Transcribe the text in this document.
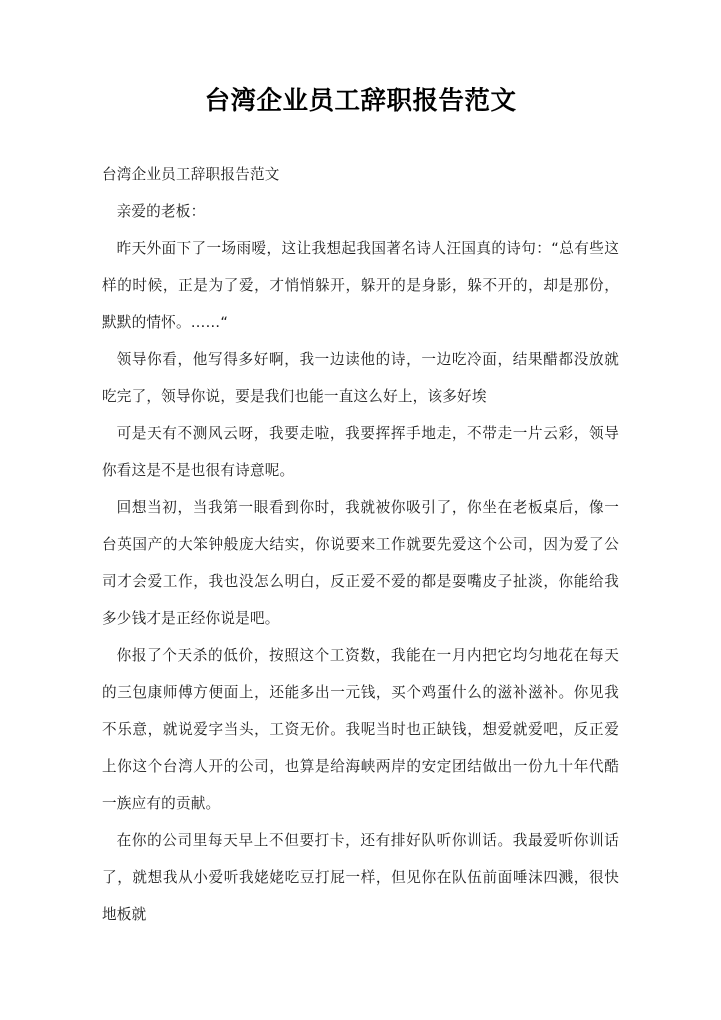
台湾企业员工辞职报告范文

台湾企业员工辞职报告范文

亲爱的老板：

昨天外面下了一场雨嗳，这让我想起我国著名诗人汪国真的诗句：“总有些这样的时候，正是为了爱，才悄悄躲开，躲开的是身影，躲不开的，却是那份，默默的情怀。……“

领导你看，他写得多好啊，我一边读他的诗，一边吃冷面，结果醋都没放就吃完了，领导你说，要是我们也能一直这么好上，该多好埃

可是天有不测风云呀，我要走啦，我要挥挥手地走，不带走一片云彩，领导你看这是不是也很有诗意呢。

回想当初，当我第一眼看到你时，我就被你吸引了，你坐在老板桌后，像一台英国产的大笨钟般庞大结实，你说要来工作就要先爱这个公司，因为爱了公司才会爱工作，我也没怎么明白，反正爱不爱的都是耍嘴皮子扯淡，你能给我多少钱才是正经你说是吧。

你报了个天杀的低价，按照这个工资数，我能在一月内把它均匀地花在每天的三包康师傅方便面上，还能多出一元钱，买个鸡蛋什么的滋补滋补。你见我不乐意，就说爱字当头，工资无价。我呢当时也正缺钱，想爱就爱吧，反正爱上你这个台湾人开的公司，也算是给海峡两岸的安定团结做出一份九十年代酷一族应有的贡献。

在你的公司里每天早上不但要打卡，还有排好队听你训话。我最爱听你训话了，就想我从小爱听我姥姥吃豆打屁一样，但见你在队伍前面唾沫四溅，很快地板就
